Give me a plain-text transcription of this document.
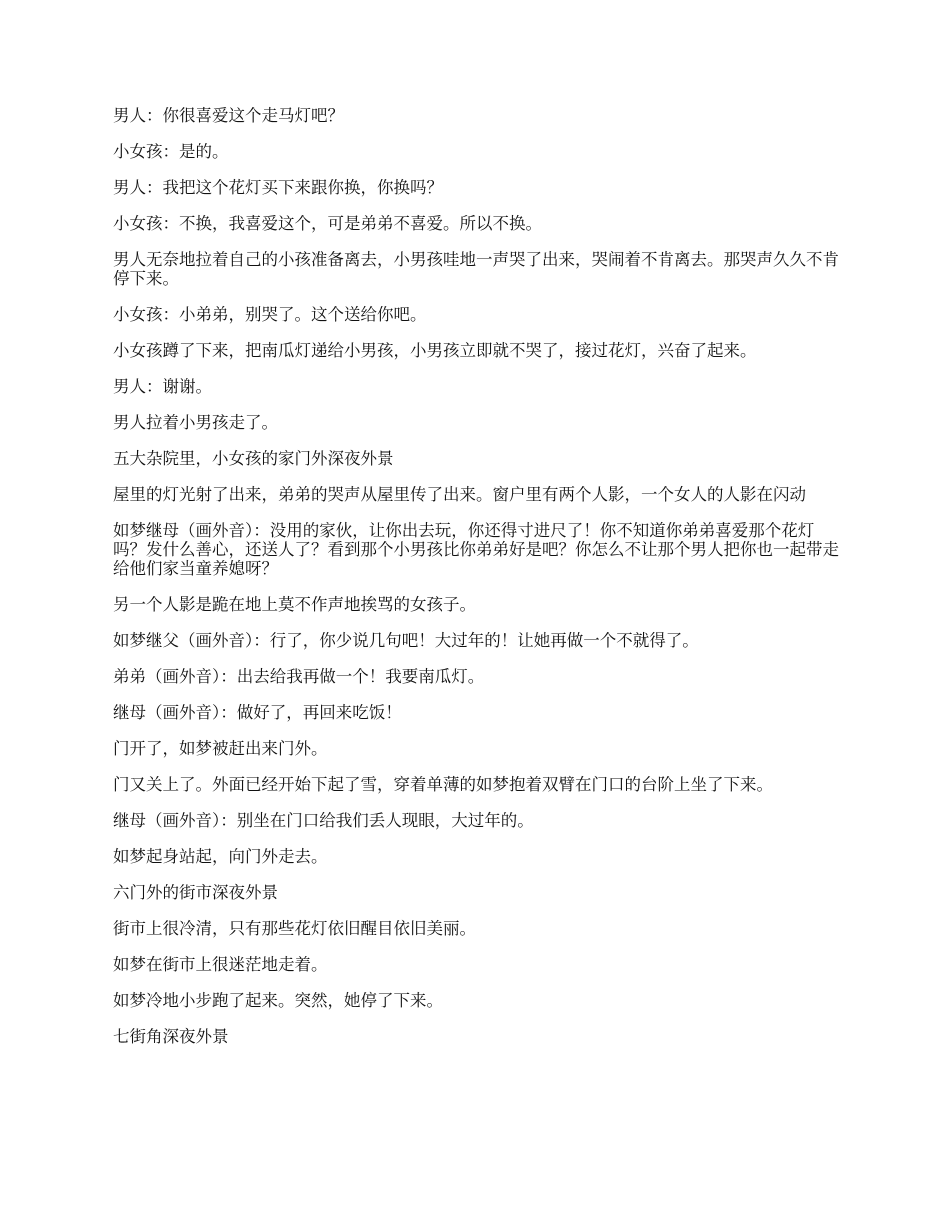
男人：你很喜爱这个走马灯吧？

小女孩：是的。

男人：我把这个花灯买下来跟你换，你换吗？

小女孩：不换，我喜爱这个，可是弟弟不喜爱。所以不换。

男人无奈地拉着自己的小孩准备离去，小男孩哇地一声哭了出来，哭闹着不肯离去。那哭声久久不肯停下来。

小女孩：小弟弟，别哭了。这个送给你吧。

小女孩蹲了下来，把南瓜灯递给小男孩，小男孩立即就不哭了，接过花灯，兴奋了起来。

男人：谢谢。

男人拉着小男孩走了。

五大杂院里，小女孩的家门外深夜外景

屋里的灯光射了出来，弟弟的哭声从屋里传了出来。窗户里有两个人影，一个女人的人影在闪动

如梦继母（画外音）：没用的家伙，让你出去玩，你还得寸进尺了！你不知道你弟弟喜爱那个花灯吗？发什么善心，还送人了？看到那个小男孩比你弟弟好是吧？你怎么不让那个男人把你也一起带走给他们家当童养媳呀？

另一个人影是跪在地上莫不作声地挨骂的女孩子。

如梦继父（画外音）：行了，你少说几句吧！大过年的！让她再做一个不就得了。

弟弟（画外音）：出去给我再做一个！我要南瓜灯。

继母（画外音）：做好了，再回来吃饭！

门开了，如梦被赶出来门外。

门又关上了。外面已经开始下起了雪，穿着单薄的如梦抱着双臂在门口的台阶上坐了下来。

继母（画外音）：别坐在门口给我们丢人现眼，大过年的。

如梦起身站起，向门外走去。

六门外的街市深夜外景

街市上很冷清，只有那些花灯依旧醒目依旧美丽。

如梦在街市上很迷茫地走着。

如梦冷地小步跑了起来。突然，她停了下来。

七街角深夜外景
